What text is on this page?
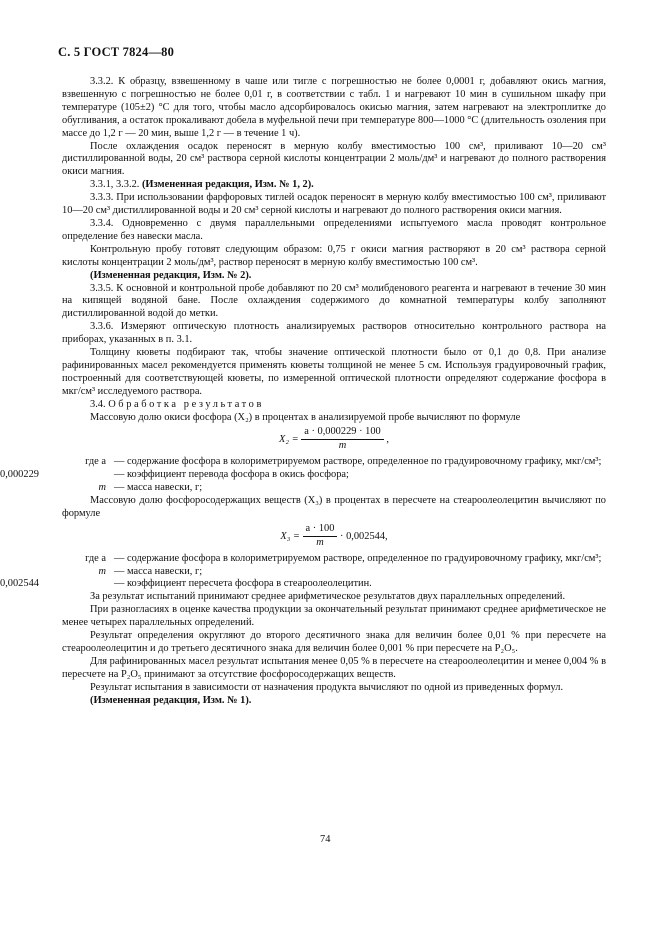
С. 5 ГОСТ 7824—80

3.3.2. К образцу, взвешенному в чаше или тигле с погрешностью не более 0,0001 г, добавляют окись магния, взвешенную с погрешностью не более 0,01 г, в соответствии с табл. 1 и нагревают 10 мин в сушильном шкафу при температуре (105±2) °С для того, чтобы масло адсорбировалось окисью магния, затем нагревают на электроплитке до обугливания, а остаток прокаливают добела в муфельной печи при температуре 800—1000 °С (длительность озоления при массе до 1,2 г — 20 мин, выше 1,2 г — в течение 1 ч).

После охлаждения осадок переносят в мерную колбу вместимостью 100 см³, приливают 10—20 см³ дистиллированной воды, 20 см³ раствора серной кислоты концентрации 2 моль/дм³ и нагревают до полного растворения окиси магния.

3.3.1, 3.3.2. (Измененная редакция, Изм. № 1, 2).

3.3.3. При использовании фарфоровых тиглей осадок переносят в мерную колбу вместимостью 100 см³, приливают 10—20 см³ дистиллированной воды и 20 см³ серной кислоты и нагревают до полного растворения окиси магния.

3.3.4. Одновременно с двумя параллельными определениями испытуемого масла проводят контрольное определение без навески масла.

Контрольную пробу готовят следующим образом: 0,75 г окиси магния растворяют в 20 см³ раствора серной кислоты концентрации 2 моль/дм³, раствор переносят в мерную колбу вместимостью 100 см³.

(Измененная редакция, Изм. № 2).

3.3.5. К основной и контрольной пробе добавляют по 20 см³ молибденового реагента и нагревают в течение 30 мин на кипящей водяной бане. После охлаждения содержимого до комнатной температуры колбу заполняют дистиллированной водой до метки.

3.3.6. Измеряют оптическую плотность анализируемых растворов относительно контрольного раствора на приборах, указанных в п. 3.1.

Толщину кюветы подбирают так, чтобы значение оптической плотности было от 0,1 до 0,8. При анализе рафинированных масел рекомендуется применять кюветы толщиной не менее 5 см. Используя градуировочный график, построенный для соответствующей кюветы, по измеренной оптической плотности определяют содержание фосфора в мкг/см³ исследуемого раствора.

3.4. Обработка результатов

Массовую долю окиси фосфора (X₂) в процентах в анализируемой пробе вычисляют по формуле

$X_2 = \frac{a \cdot 0,000229 \cdot 100}{m}$ ,
где a — содержание фосфора в колориметрируемом растворе, определенное по градуировочному графику, мкг/см³;
0,000229	— коэффициент перевода фосфора в окись фосфора;
m — масса навески, г;

Массовую долю фосфоросодержащих веществ (X₃) в процентах в пересчете на стеароолеолецитин вычисляют по формуле

$X_3 = \frac{a \cdot 100}{m} \cdot 0,002544$,
где a — содержание фосфора в колориметрируемом растворе, определенное по градуировочному графику, мкг/см³;
m — масса навески, г;
0,002544	— коэффициент пересчета фосфора в стеароолеолецитин.

За результат испытаний принимают среднее арифметическое результатов двух параллельных определений.

При разногласиях в оценке качества продукции за окончательный результат принимают среднее арифметическое не менее четырех параллельных определений.

Результат определения округляют до второго десятичного знака для величин более 0,01 % при пересчете на стеароолеолецитин и до третьего десятичного знака для величин более 0,001 % при пересчете на P₂O₅.

Для рафинированных масел результат испытания менее 0,05 % в пересчете на стеароолеолецитин и менее 0,004 % в пересчете на P₂O₅ принимают за отсутствие фосфоросодержащих веществ.

Результат испытания в зависимости от назначения продукта вычисляют по одной из приведенных формул.

(Измененная редакция, Изм. № 1).

74
